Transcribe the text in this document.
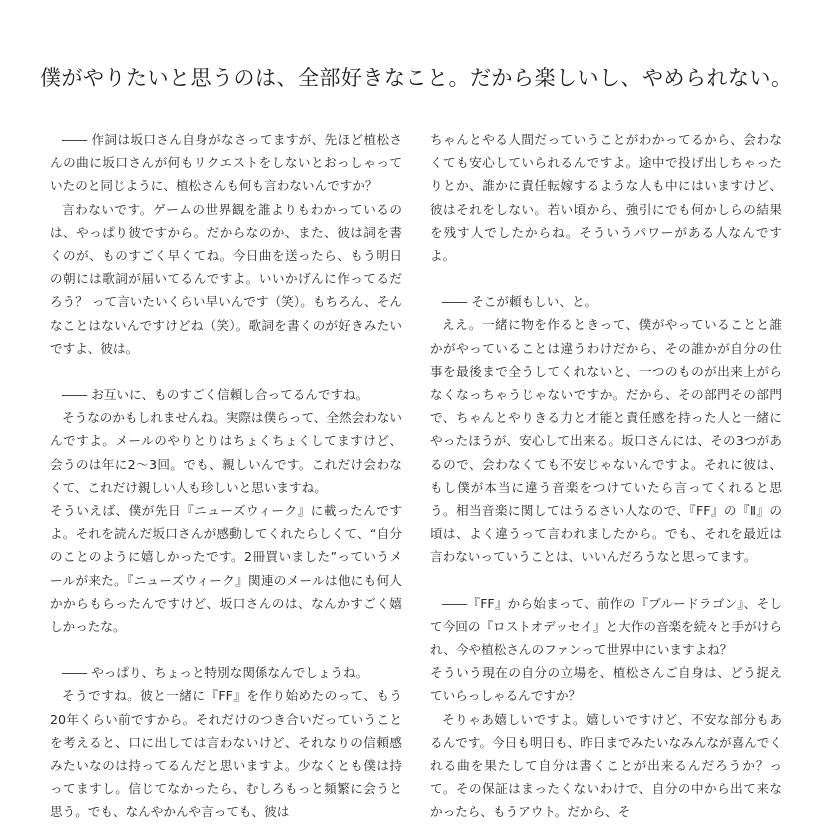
僕がやりたいと思うのは、全部好きなこと。だから楽しいし、やめられない。

―― 作詞は坂口さん自身がなさってますが、先ほど植松さんの曲に坂口さんが何もリクエストをしないとおっしゃっていたのと同じように、植松さんも何も言わないんですか？

言わないです。ゲームの世界観を誰よりもわかっているのは、やっぱり彼ですから。だからなのか、また、彼は詞を書くのが、ものすごく早くてね。今日曲を送ったら、もう明日の朝には歌詞が届いてるんですよ。いいかげんに作ってるだろう？ って言いたいくらい早いんです（笑）。もちろん、そんなことはないんですけどね（笑）。歌詞を書くのが好きみたいですよ、彼は。

―― お互いに、ものすごく信頼し合ってるんですね。

そうなのかもしれませんね。実際は僕らって、全然会わないんですよ。メールのやりとりはちょくちょくしてますけど、会うのは年に2～3回。でも、親しいんです。これだけ会わなくて、これだけ親しい人も珍しいと思いますね。

そういえば、僕が先日『ニューズウィーク』に載ったんですよ。それを読んだ坂口さんが感動してくれたらしくて、“自分のことのように嬉しかったです。2冊買いました”っていうメールが来た。『ニューズウィーク』関連のメールは他にも何人かからもらったんですけど、坂口さんのは、なんかすごく嬉しかったな。

―― やっぱり、ちょっと特別な関係なんでしょうね。

そうですね。彼と一緒に『FF』を作り始めたのって、もう20年くらい前ですから。それだけのつき合いだっていうことを考えると、口に出しては言わないけど、それなりの信頼感みたいなのは持ってるんだと思いますよ。少なくとも僕は持ってますし。信じてなかったら、むしろもっと頻繁に会うと思う。でも、なんやかんや言っても、彼は

ちゃんとやる人間だっていうことがわかってるから、会わなくても安心していられるんですよ。途中で投げ出しちゃったりとか、誰かに責任転嫁するような人も中にはいますけど、彼はそれをしない。若い頃から、強引にでも何かしらの結果を残す人でしたからね。そういうパワーがある人なんですよ。

―― そこが頼もしい、と。

ええ。一緒に物を作るときって、僕がやっていることと誰かがやっていることは違うわけだから、その誰かが自分の仕事を最後まで全うしてくれないと、一つのものが出来上がらなくなっちゃうじゃないですか。だから、その部門その部門で、ちゃんとやりきる力と才能と責任感を持った人と一緒にやったほうが、安心して出来る。坂口さんには、その3つがあるので、会わなくても不安じゃないんですよ。それに彼は、もし僕が本当に違う音楽をつけていたら言ってくれると思う。相当音楽に関してはうるさい人なので、『FF』の『Ⅱ』の頃は、よく違うって言われましたから。でも、それを最近は言わないっていうことは、いいんだろうなと思ってます。

――『FF』から始まって、前作の『ブルードラゴン』、そして今回の『ロストオデッセイ』と大作の音楽を続々と手がけられ、今や植松さんのファンって世界中にいますよね？
そういう現在の自分の立場を、植松さんご自身は、どう捉えていらっしゃるんですか？

そりゃあ嬉しいですよ。嬉しいですけど、不安な部分もあるんです。今日も明日も、昨日までみたいなみんなが喜んでくれる曲を果たして自分は書くことが出来るんだろうか？って。その保証はまったくないわけで、自分の中から出て来なかったら、もうアウト。だから、そ
